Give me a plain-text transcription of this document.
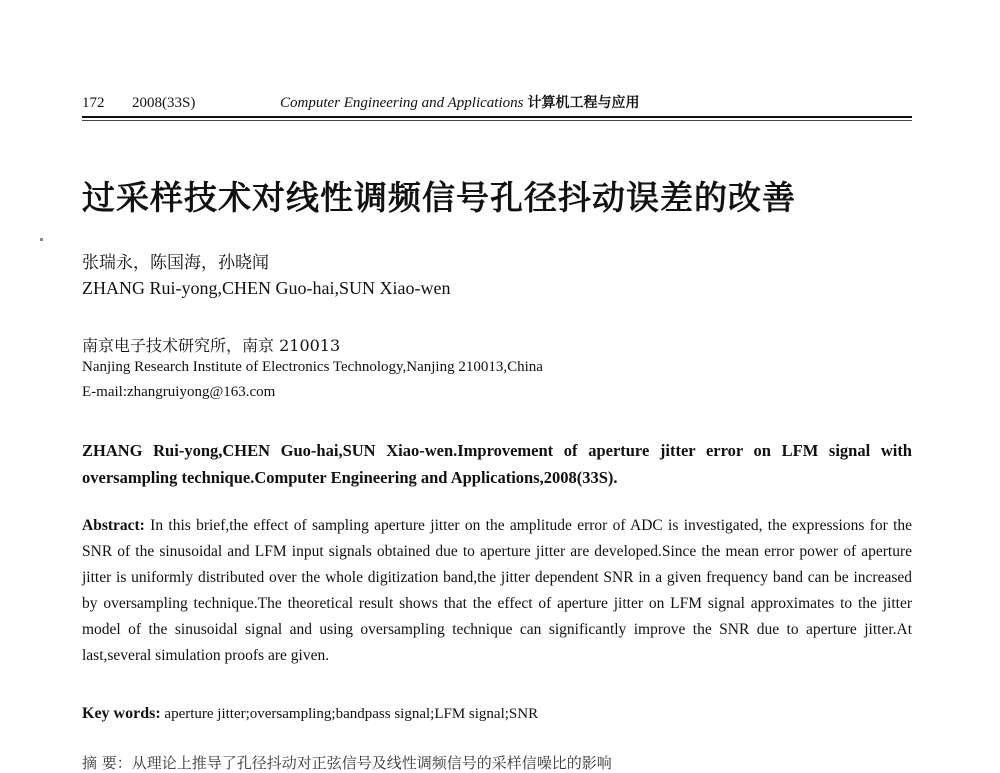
172 2008(33S)	Computer Engineering and Applications 计算机工程与应用
过采样技术对线性调频信号孔径抖动误差的改善
张瑞永，陈国海，孙晓闻
ZHANG Rui-yong,CHEN Guo-hai,SUN Xiao-wen
南京电子技术研究所，南京 210013
Nanjing Research Institute of Electronics Technology,Nanjing 210013,China
E-mail:zhangruiyong@163.com
ZHANG Rui-yong,CHEN Guo-hai,SUN Xiao-wen.Improvement of aperture jitter error on LFM signal with oversampling technique.Computer Engineering and Applications,2008(33S).
Abstract: In this brief,the effect of sampling aperture jitter on the amplitude error of ADC is investigated, the expressions for the SNR of the sinusoidal and LFM input signals obtained due to aperture jitter are developed.Since the mean error power of aperture jitter is uniformly distributed over the whole digitization band,the jitter dependent SNR in a given frequency band can be increased by oversampling technique.The theoretical result shows that the effect of aperture jitter on LFM signal approximates to the jitter model of the sinusoidal signal and using oversampling technique can significantly improve the SNR due to aperture jitter.At last,several simulation proofs are given.
Key words: aperture jitter;oversampling;bandpass signal;LFM signal;SNR
摘 要：从理论上推导了孔径抖动对正弦信号及线性调频信号的采样信噪比的影响
